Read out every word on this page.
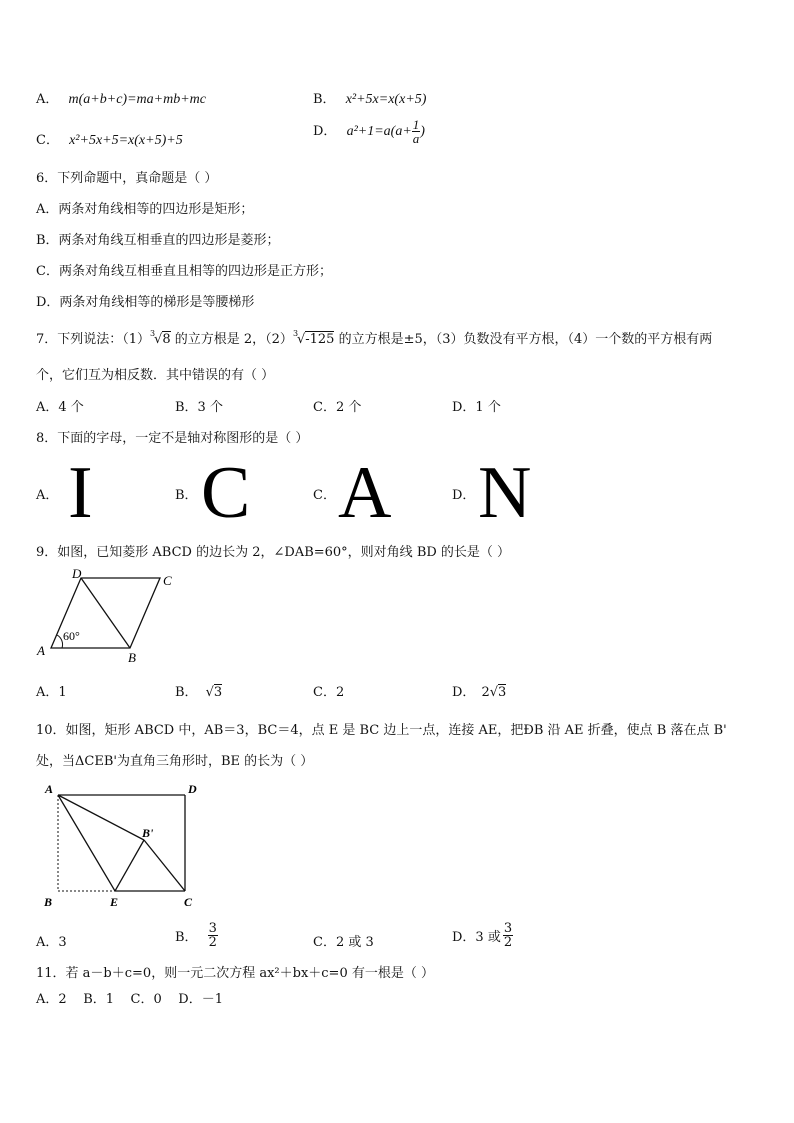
A． m(a+b+c)=ma+mb+mc	B． x²+5x=x(x+5)
C． x²+5x+5=x(x+5)+5
D． $a^2+1=a(a+ \frac{1}{a}$ )
6．下列命题中，真命题是（ ）
A．两条对角线相等的四边形是矩形；
B．两条对角线互相垂直的四边形是菱形；
C．两条对角线互相垂直且相等的四边形是正方形；
D．两条对角线相等的梯形是等腰梯形
7．下列说法：（1） 3
√8 的立方根是 2，（2） 3
√-125 的立方根是±5，（3）负数没有平方根，（4）一个数的平方根有两
个，它们互为相反数．其中错误的有（ ）
A．4 个	B．3 个	C．2 个	D．1 个
8．下面的字母，一定不是轴对称图形的是（ ）
A． I	B． C	C． A	D． N
9．如图，已知菱形 ABCD 的边长为 2，∠DAB=60°，则对角线 BD 的长是（ ）
D	C
A	B
60°
A．1	B． √3	C．2	D． 2√3
10．如图，矩形 ABCD 中，AB＝3，BC＝4，点 E 是 BC 边上一点，连接 AE，把ÐB 沿 AE 折叠，使点 B 落在点 B'
处，当ΔCEB'为直角三角形时，BE 的长为（ ）
A	D
B	E	C
B'
A．3	B． $\frac{3}{2}$	C．2 或 3	D．3 或 $\frac{3}{2}$
11．若 a－b＋c=0，则一元二次方程 ax²＋bx＋c=0 有一根是（ ）
A．2    B．1    C．0    D．－1
